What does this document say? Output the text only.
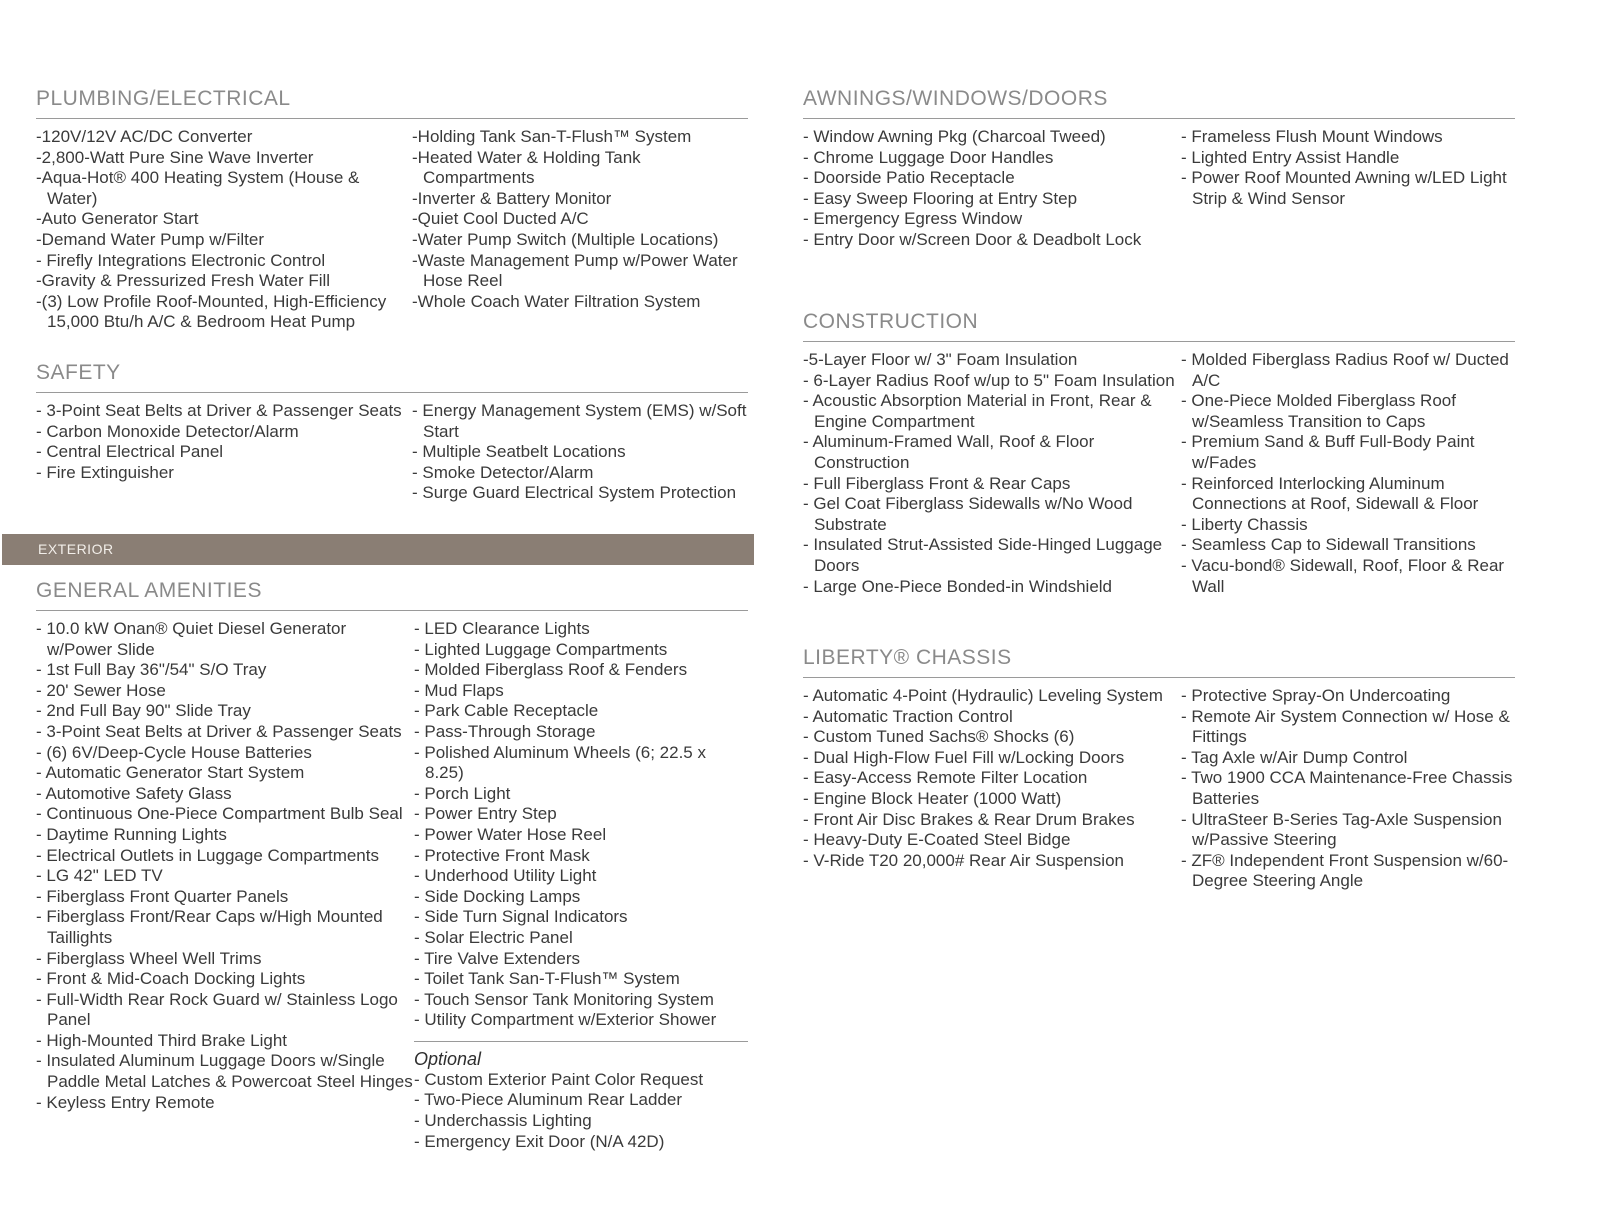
PLUMBING/ELECTRICAL
-120V/12V AC/DC Converter
-2,800-Watt Pure Sine Wave Inverter
-Aqua-Hot® 400 Heating System (House & Water)
-Auto Generator Start
-Demand Water Pump w/Filter
- Firefly Integrations Electronic Control
-Gravity & Pressurized Fresh Water Fill
-(3) Low Profile Roof-Mounted, High-Efficiency 15,000 Btu/h A/C & Bedroom Heat Pump
-Holding Tank San-T-Flush™ System
-Heated Water & Holding Tank Compartments
-Inverter & Battery Monitor
-Quiet Cool Ducted A/C
-Water Pump Switch (Multiple Locations)
-Waste Management Pump w/Power Water Hose Reel
-Whole Coach Water Filtration System
SAFETY
- 3-Point Seat Belts at Driver & Passenger Seats
- Carbon Monoxide Detector/Alarm
- Central Electrical Panel
- Fire Extinguisher
- Energy Management System (EMS) w/Soft Start
- Multiple Seatbelt Locations
- Smoke Detector/Alarm
- Surge Guard Electrical System Protection
EXTERIOR
GENERAL AMENITIES
- 10.0 kW Onan® Quiet Diesel Generator w/Power Slide
- 1st Full Bay 36"/54" S/O Tray
- 20' Sewer Hose
- 2nd Full Bay 90" Slide Tray
- 3-Point Seat Belts at Driver & Passenger Seats
- (6) 6V/Deep-Cycle House Batteries
- Automatic Generator Start System
- Automotive Safety Glass
- Continuous One-Piece Compartment Bulb Seal
- Daytime Running Lights
- Electrical Outlets in Luggage Compartments
- LG 42" LED TV
- Fiberglass Front Quarter Panels
- Fiberglass Front/Rear Caps w/High Mounted Taillights
- Fiberglass Wheel Well Trims
- Front & Mid-Coach Docking Lights
- Full-Width Rear Rock Guard w/ Stainless Logo Panel
- High-Mounted Third Brake Light
- Insulated Aluminum Luggage Doors w/Single Paddle Metal Latches & Powercoat Steel Hinges
- Keyless Entry Remote
- LED Clearance Lights
- Lighted Luggage Compartments
- Molded Fiberglass Roof & Fenders
- Mud Flaps
- Park Cable Receptacle
- Pass-Through Storage
- Polished Aluminum Wheels (6; 22.5 x 8.25)
- Porch Light
- Power Entry Step
- Power Water Hose Reel
- Protective Front Mask
- Underhood Utility Light
- Side Docking Lamps
- Side Turn Signal Indicators
- Solar Electric Panel
- Tire Valve Extenders
- Toilet Tank San-T-Flush™ System
- Touch Sensor Tank Monitoring System
- Utility Compartment w/Exterior Shower
Optional
- Custom Exterior Paint Color Request
- Two-Piece Aluminum Rear Ladder
- Underchassis Lighting
- Emergency Exit Door (N/A 42D)
AWNINGS/WINDOWS/DOORS
- Window Awning Pkg (Charcoal Tweed)
- Chrome Luggage Door Handles
- Doorside Patio Receptacle
- Easy Sweep Flooring at Entry Step
- Emergency Egress Window
- Entry Door w/Screen Door & Deadbolt Lock
- Frameless Flush Mount Windows
- Lighted Entry Assist Handle
- Power Roof Mounted Awning w/LED Light Strip & Wind Sensor
CONSTRUCTION
-5-Layer Floor w/ 3" Foam Insulation
- 6-Layer Radius Roof w/up to 5" Foam Insulation
- Acoustic Absorption Material in Front, Rear & Engine Compartment
- Aluminum-Framed Wall, Roof & Floor Construction
- Full Fiberglass Front & Rear Caps
- Gel Coat Fiberglass Sidewalls w/No Wood Substrate
- Insulated Strut-Assisted Side-Hinged Luggage Doors
- Large One-Piece Bonded-in Windshield
- Molded Fiberglass Radius Roof w/ Ducted A/C
- One-Piece Molded Fiberglass Roof w/Seamless Transition to Caps
- Premium Sand & Buff Full-Body Paint w/Fades
- Reinforced Interlocking Aluminum Connections at Roof, Sidewall & Floor
- Liberty Chassis
- Seamless Cap to Sidewall Transitions
- Vacu-bond® Sidewall, Roof, Floor & Rear Wall
LIBERTY® CHASSIS
- Automatic 4-Point (Hydraulic) Leveling System
- Automatic Traction Control
- Custom Tuned Sachs® Shocks (6)
- Dual High-Flow Fuel Fill w/Locking Doors
- Easy-Access Remote Filter Location
- Engine Block Heater (1000 Watt)
- Front Air Disc Brakes & Rear Drum Brakes
- Heavy-Duty E-Coated Steel Bidge
- V-Ride T20 20,000# Rear Air Suspension
- Protective Spray-On Undercoating
- Remote Air System Connection w/ Hose & Fittings
- Tag Axle w/Air Dump Control
- Two 1900 CCA Maintenance-Free Chassis Batteries
- UltraSteer B-Series Tag-Axle Suspension w/Passive Steering
- ZF® Independent Front Suspension w/60-Degree Steering Angle
